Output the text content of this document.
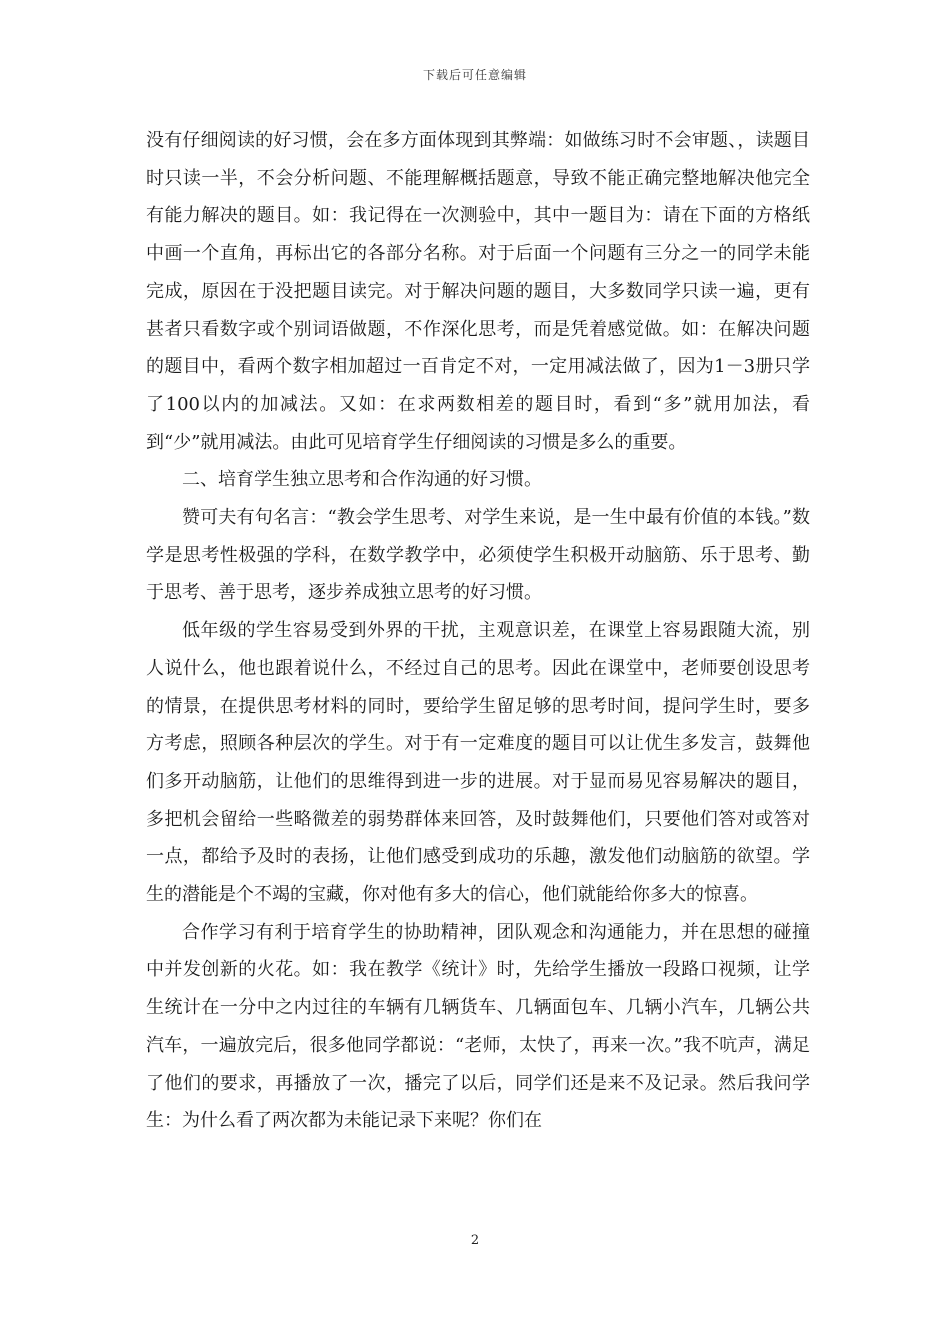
下载后可任意编辑

没有仔细阅读的好习惯，会在多方面体现到其弊端：如做练习时不会审题、，读题目时只读一半，不会分析问题、不能理解概括题意，导致不能正确完整地解决他完全有能力解决的题目。如：我记得在一次测验中，其中一题目为：请在下面的方格纸中画一个直角，再标出它的各部分名称。对于后面一个问题有三分之一的同学未能完成，原因在于没把题目读完。对于解决问题的题目，大多数同学只读一遍，更有甚者只看数字或个别词语做题，不作深化思考，而是凭着感觉做。如：在解决问题的题目中，看两个数字相加超过一百肯定不对，一定用减法做了，因为1－3册只学了100以内的加减法。又如：在求两数相差的题目时，看到“多”就用加法，看到“少”就用减法。由此可见培育学生仔细阅读的习惯是多么的重要。

二、培育学生独立思考和合作沟通的好习惯。

赞可夫有句名言：“教会学生思考、对学生来说，是一生中最有价值的本钱。”数学是思考性极强的学科，在数学教学中，必须使学生积极开动脑筋、乐于思考、勤于思考、善于思考，逐步养成独立思考的好习惯。

低年级的学生容易受到外界的干扰，主观意识差，在课堂上容易跟随大流，别人说什么，他也跟着说什么，不经过自己的思考。因此在课堂中，老师要创设思考的情景，在提供思考材料的同时，要给学生留足够的思考时间，提问学生时，要多方考虑，照顾各种层次的学生。对于有一定难度的题目可以让优生多发言，鼓舞他们多开动脑筋，让他们的思维得到进一步的进展。对于显而易见容易解决的题目，多把机会留给一些略微差的弱势群体来回答，及时鼓舞他们，只要他们答对或答对一点，都给予及时的表扬，让他们感受到成功的乐趣，激发他们动脑筋的欲望。学生的潜能是个不竭的宝藏，你对他有多大的信心，他们就能给你多大的惊喜。

合作学习有利于培育学生的协助精神，团队观念和沟通能力，并在思想的碰撞中并发创新的火花。如：我在教学《统计》时，先给学生播放一段路口视频，让学生统计在一分中之内过往的车辆有几辆货车、几辆面包车、几辆小汽车，几辆公共汽车，一遍放完后，很多他同学都说：“老师，太快了，再来一次。”我不吭声，满足了他们的要求，再播放了一次，播完了以后，同学们还是来不及记录。然后我问学生：为什么看了两次都为未能记录下来呢？你们在

2
